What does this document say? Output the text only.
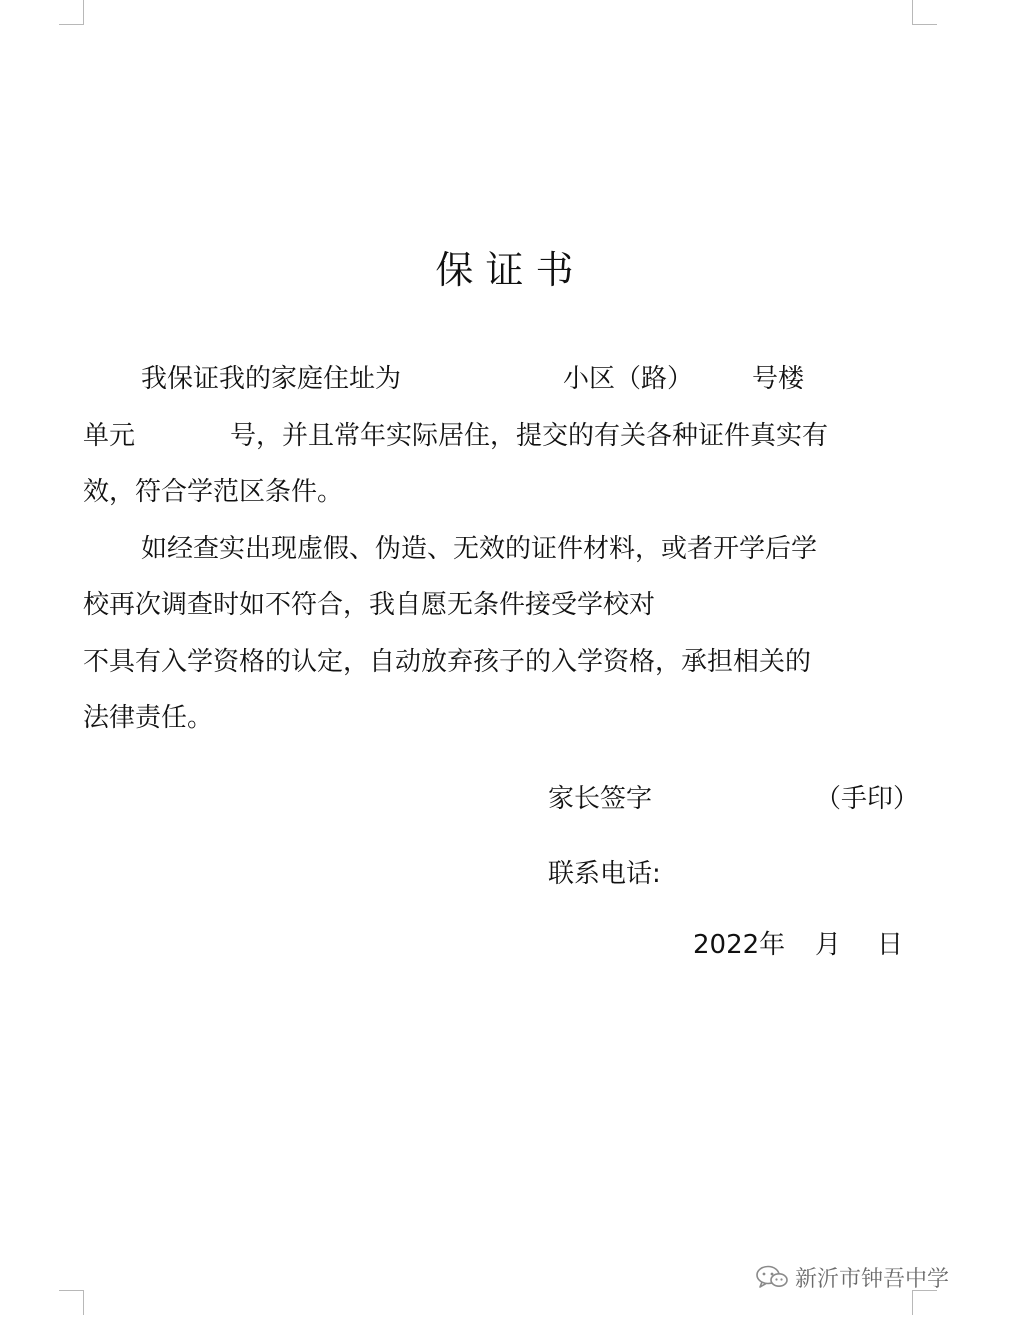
保 证 书
我保证我的家庭住址为	小区（路） 号楼
单元	号，并且常年实际居住，提交的有关各种证件真实有
效，符合学范区条件。
如经查实出现虚假、伪造、无效的证件材料，或者开学后学
校再次调查时如不符合，我自愿无条件接受学校对
不具有入学资格的认定，自动放弃孩子的入学资格，承担相关的
法律责任。
家长签字	（手印）
联系电话:
2022年 月 日
新沂市钟吾中学
